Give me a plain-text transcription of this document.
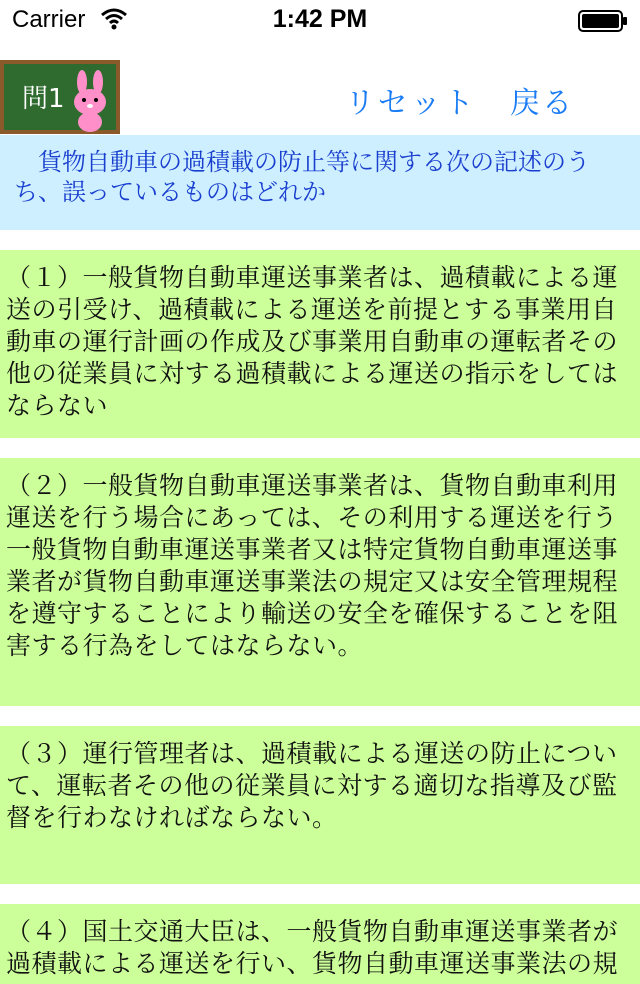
Carrier	1:42 PM
問1	リセット 戻る
貨物自動車の過積載の防止等に関する次の記述のうち、誤っているものはどれか
（１）一般貨物自動車運送事業者は、過積載による運送の引受け、過積載による運送を前提とする事業用自動車の運行計画の作成及び事業用自動車の運転者その他の従業員に対する過積載による運送の指示をしてはならない
（２）一般貨物自動車運送事業者は、貨物自動車利用運送を行う場合にあっては、その利用する運送を行う一般貨物自動車運送事業者又は特定貨物自動車運送事業者が貨物自動車運送事業法の規定又は安全管理規程を遵守することにより輸送の安全を確保することを阻害する行為をしてはならない。
（３）運行管理者は、過積載による運送の防止について、運転者その他の従業員に対する適切な指導及び監督を行わなければならない。
（４）国土交通大臣は、一般貨物自動車運送事業者が過積載による運送を行い、貨物自動車運送事業法の規
